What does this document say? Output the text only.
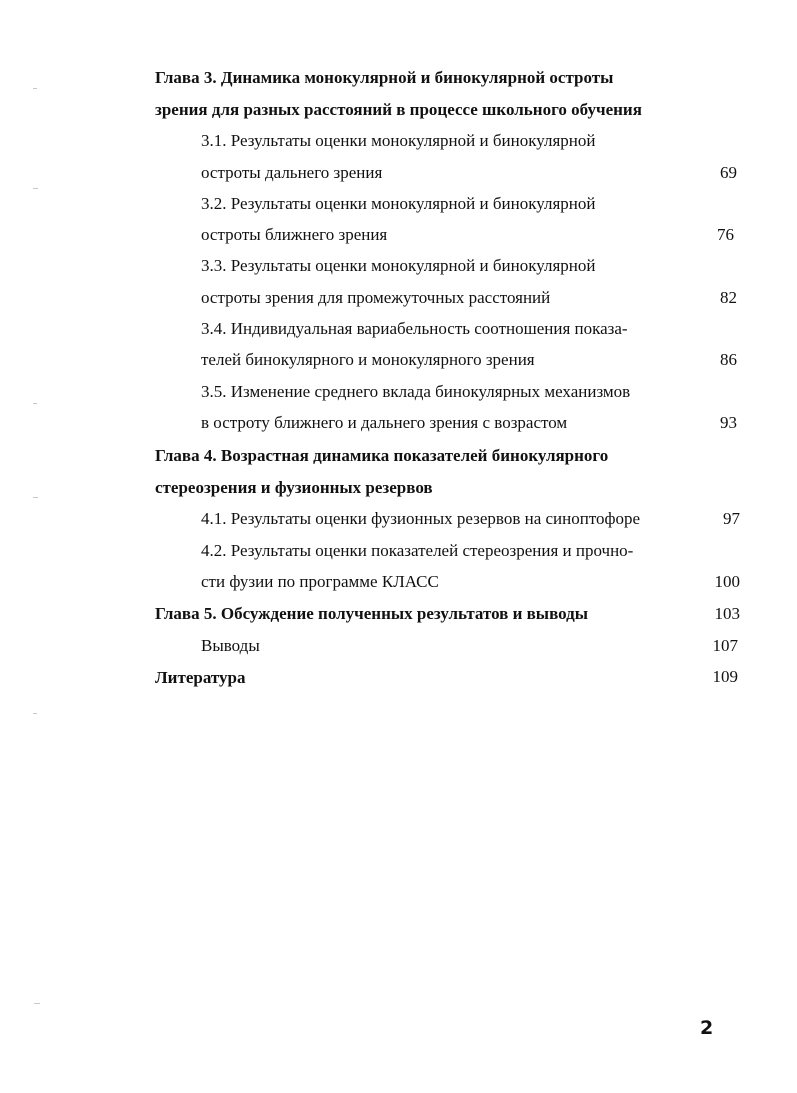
Глава 3. Динамика монокулярной и бинокулярной остроты
зрения для разных расстояний в процессе школьного обучения
3.1. Результаты оценки монокулярной и бинокулярной
остроты дальнего зрения	69
3.2. Результаты оценки монокулярной и бинокулярной
остроты ближнего зрения	76
3.3. Результаты оценки монокулярной и бинокулярной
остроты зрения для промежуточных расстояний	82
3.4. Индивидуальная вариабельность соотношения показа-
телей бинокулярного и монокулярного зрения	86
3.5. Изменение среднего вклада бинокулярных механизмов
в остроту ближнего и дальнего зрения с возрастом	93
Глава 4. Возрастная динамика показателей бинокулярного
стереозрения и фузионных резервов
4.1. Результаты оценки фузионных резервов на синоптофоре	97
4.2. Результаты оценки показателей стереозрения и прочно-
сти фузии по программе КЛАСС	100
Глава 5. Обсуждение полученных результатов и выводы	103
Выводы	107
Литература	109
2
